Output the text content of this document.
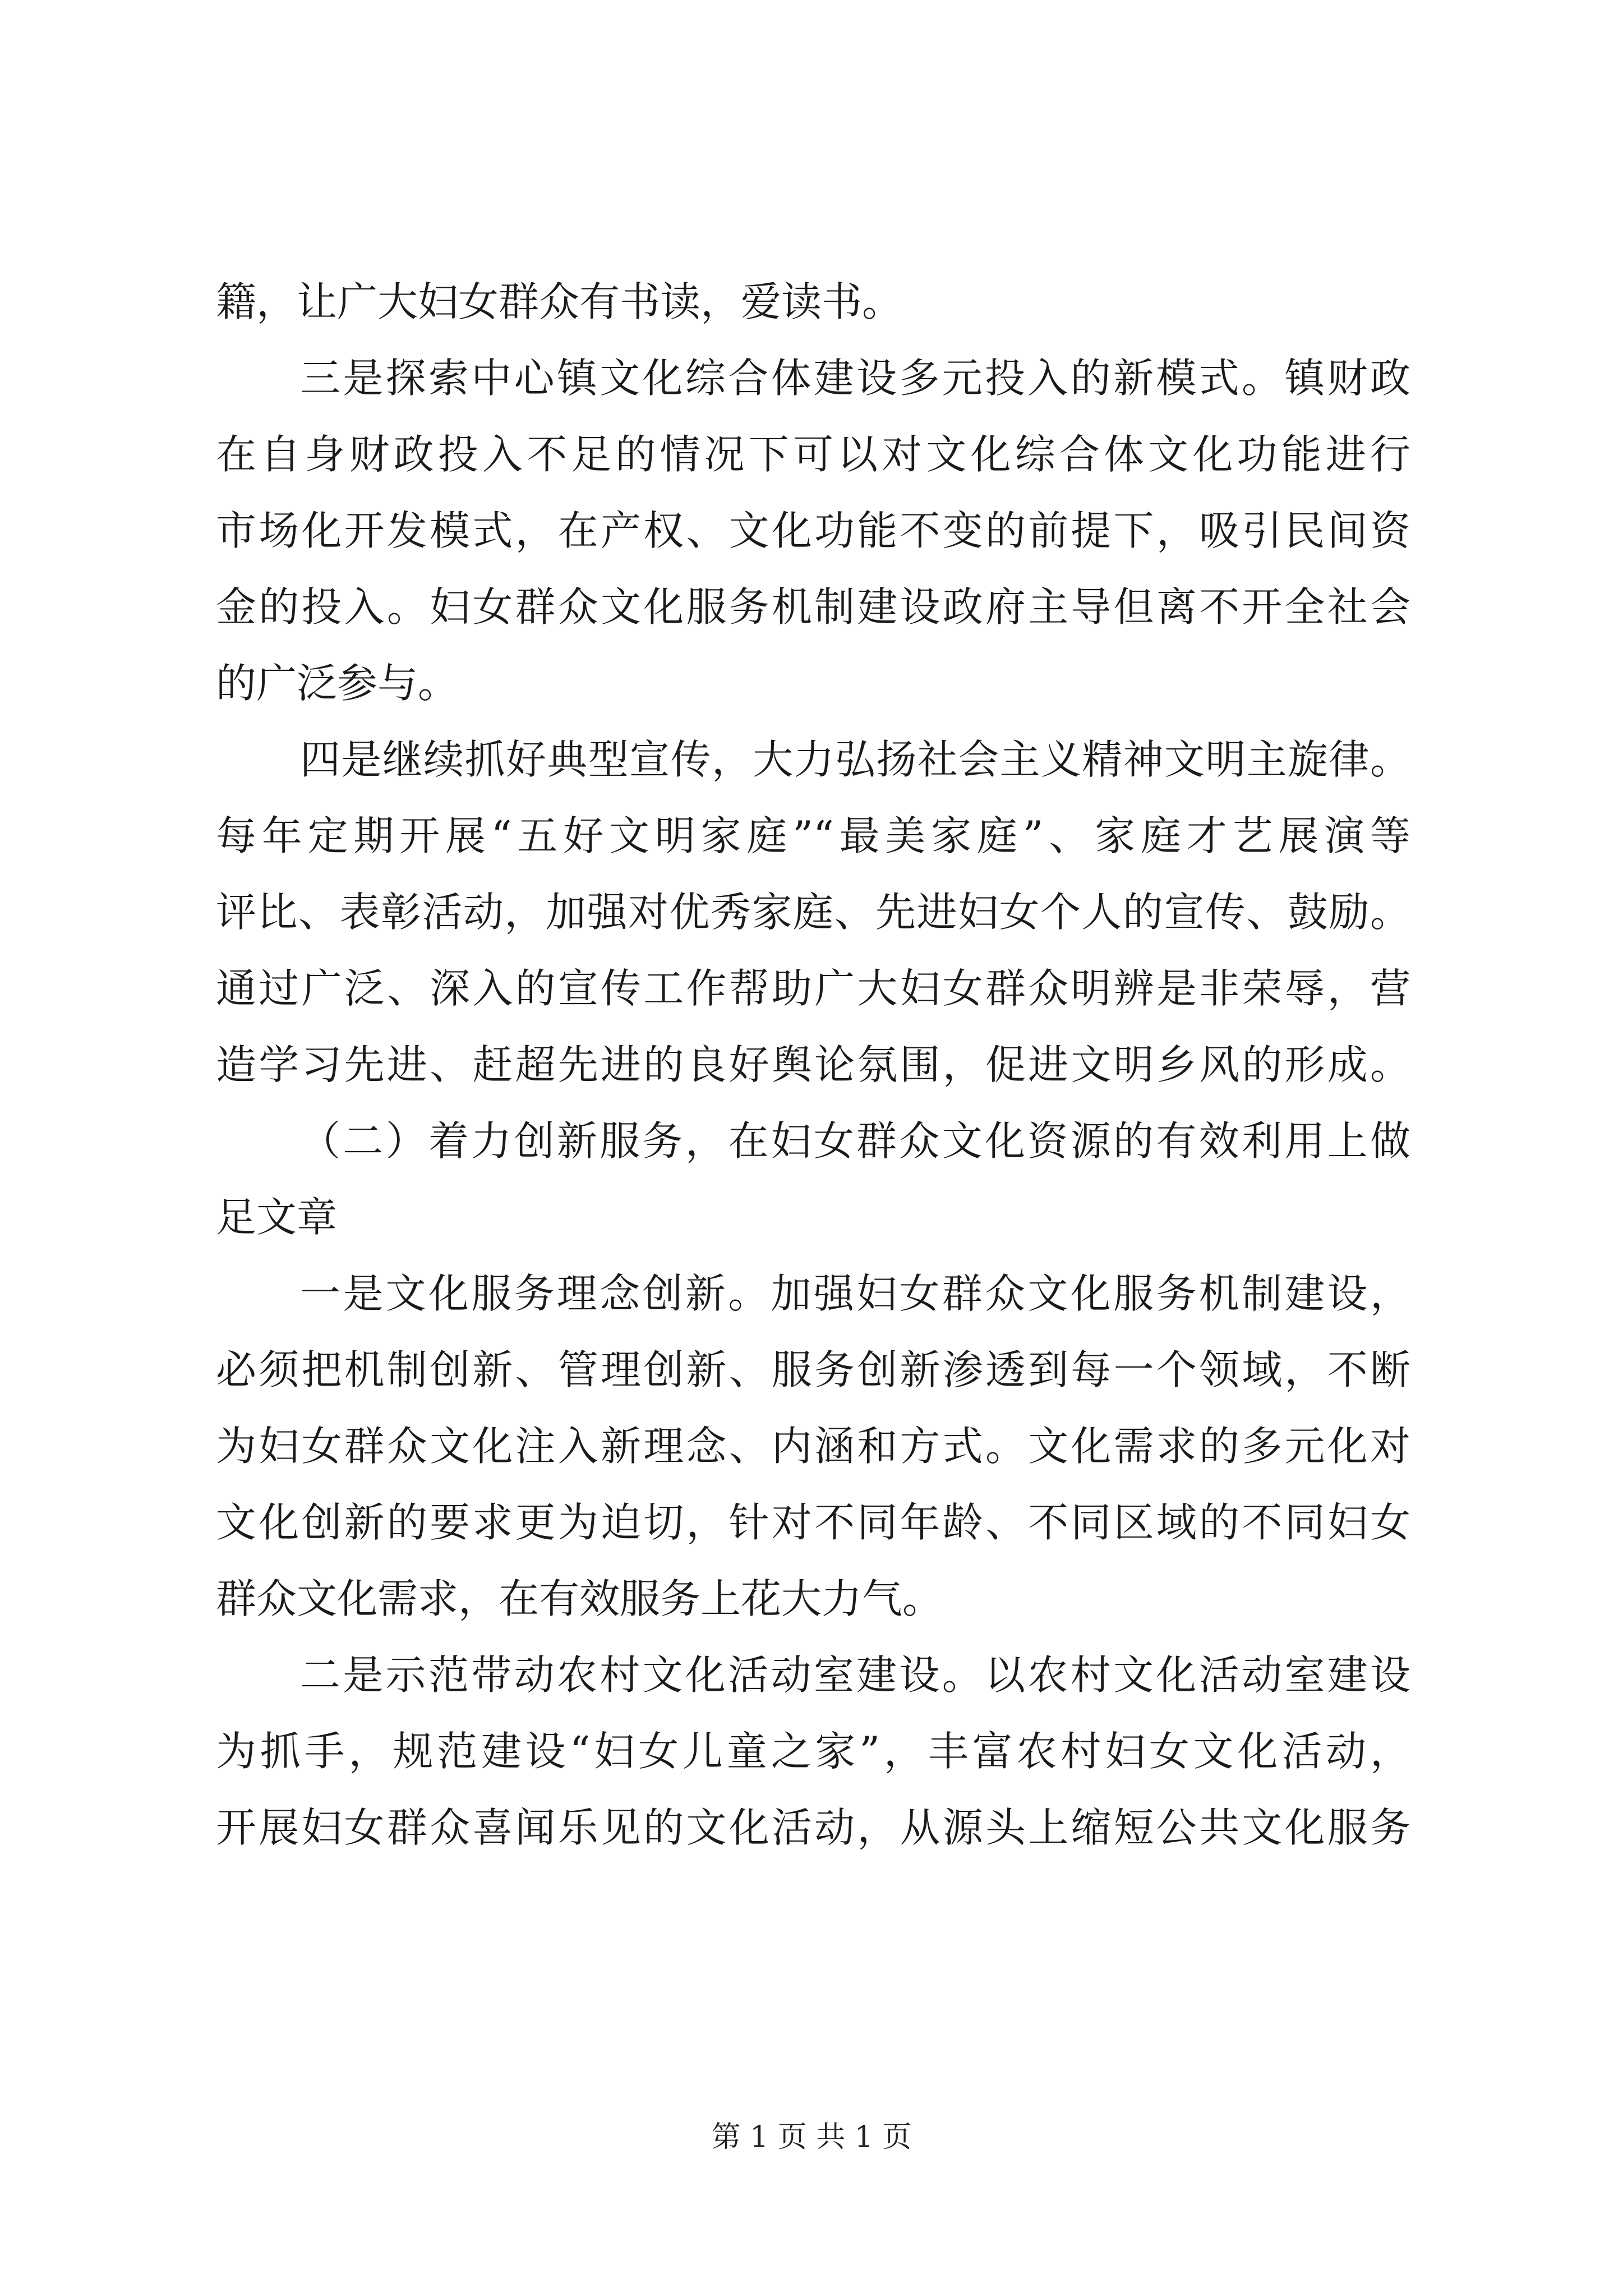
籍，让广大妇女群众有书读，爱读书。
三是探索中心镇文化综合体建设多元投入的新模式。镇财政
在自身财政投入不足的情况下可以对文化综合体文化功能进行
市场化开发模式，在产权、文化功能不变的前提下，吸引民间资
金的投入。妇女群众文化服务机制建设政府主导但离不开全社会
的广泛参与。
四是继续抓好典型宣传，大力弘扬社会主义精神文明主旋律。
每年定期开展“五好文明家庭”“最美家庭”、家庭才艺展演等
评比、表彰活动，加强对优秀家庭、先进妇女个人的宣传、鼓励。
通过广泛、深入的宣传工作帮助广大妇女群众明辨是非荣辱，营
造学习先进、赶超先进的良好舆论氛围，促进文明乡风的形成。
（二）着力创新服务，在妇女群众文化资源的有效利用上做
足文章
一是文化服务理念创新。加强妇女群众文化服务机制建设，
必须把机制创新、管理创新、服务创新渗透到每一个领域，不断
为妇女群众文化注入新理念、内涵和方式。文化需求的多元化对
文化创新的要求更为迫切，针对不同年龄、不同区域的不同妇女
群众文化需求，在有效服务上花大力气。
二是示范带动农村文化活动室建设。以农村文化活动室建设
为抓手，规范建设“妇女儿童之家”，丰富农村妇女文化活动，
开展妇女群众喜闻乐见的文化活动，从源头上缩短公共文化服务
第 1 页 共 1 页
